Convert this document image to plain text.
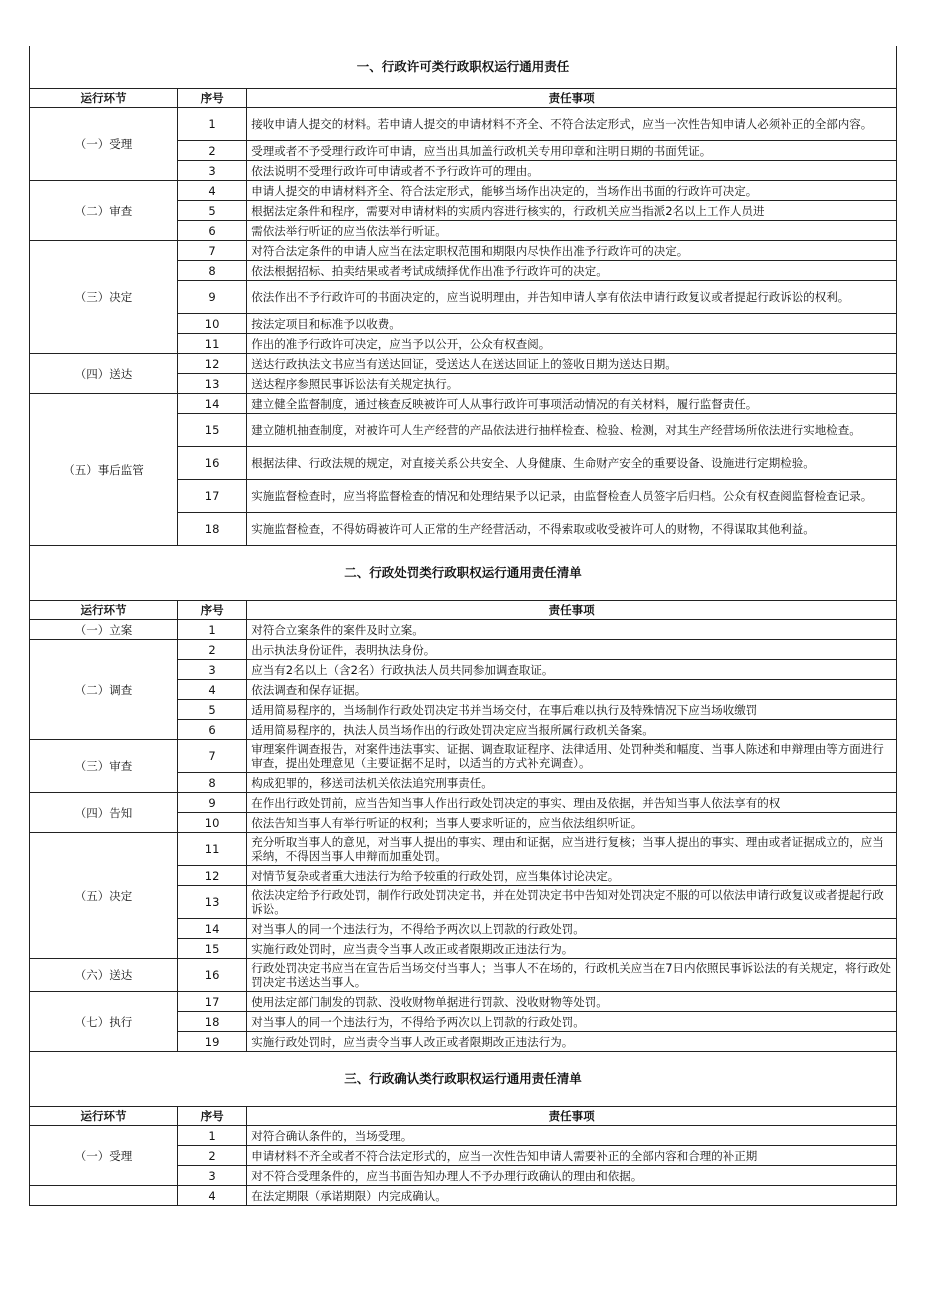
一、行政许可类行政职权运行通用责任		
运行环节	序号	责任事项
（一）受理	1	接收申请人提交的材料。若申请人提交的申请材料不齐全、不符合法定形式，应当一次性告知申请人必须补正的全部内容。
	2	受理或者不予受理行政许可申请，应当出具加盖行政机关专用印章和注明日期的书面凭证。
	3	依法说明不受理行政许可申请或者不予行政许可的理由。
（二）审查	4	申请人提交的申请材料齐全、符合法定形式，能够当场作出决定的，当场作出书面的行政许可决定。
	5	根据法定条件和程序，需要对申请材料的实质内容进行核实的，行政机关应当指派2名以上工作人员进
	6	需依法举行听证的应当依法举行听证。
（三）决定	7	对符合法定条件的申请人应当在法定职权范围和期限内尽快作出准予行政许可的决定。
	8	依法根据招标、拍卖结果或者考试成绩择优作出准予行政许可的决定。
	9	依法作出不予行政许可的书面决定的，应当说明理由，并告知申请人享有依法申请行政复议或者提起行政诉讼的权利。
	10	按法定项目和标准予以收费。
	11	作出的准予行政许可决定，应当予以公开，公众有权查阅。
（四）送达	12	送达行政执法文书应当有送达回证，受送达人在送达回证上的签收日期为送达日期。
	13	送达程序参照民事诉讼法有关规定执行。
（五）事后监管	14	建立健全监督制度，通过核查反映被许可人从事行政许可事项活动情况的有关材料，履行监督责任。
	15	建立随机抽查制度，对被许可人生产经营的产品依法进行抽样检查、检验、检测，对其生产经营场所依法进行实地检查。
	16	根据法律、行政法规的规定，对直接关系公共安全、人身健康、生命财产安全的重要设备、设施进行定期检验。
	17	实施监督检查时，应当将监督检查的情况和处理结果予以记录，由监督检查人员签字后归档。公众有权查阅监督检查记录。
	18	实施监督检查，不得妨碍被许可人正常的生产经营活动，不得索取或收受被许可人的财物，不得谋取其他利益。
二、行政处罚类行政职权运行通用责任清单		
运行环节	序号	责任事项
（一）立案	1	对符合立案条件的案件及时立案。
（二）调查	2	出示执法身份证件，表明执法身份。
	3	应当有2名以上（含2名）行政执法人员共同参加调查取证。
	4	依法调查和保存证据。
	5	适用简易程序的，当场制作行政处罚决定书并当场交付，在事后难以执行及特殊情况下应当场收缴罚
	6	适用简易程序的，执法人员当场作出的行政处罚决定应当报所属行政机关备案。
（三）审查	7	审理案件调查报告，对案件违法事实、证据、调查取证程序、法律适用、处罚种类和幅度、当事人陈述和申辩理由等方面进行审查，提出处理意见（主要证据不足时，以适当的方式补充调查）。
	8	构成犯罪的，移送司法机关依法追究刑事责任。
（四）告知	9	在作出行政处罚前，应当告知当事人作出行政处罚决定的事实、理由及依据，并告知当事人依法享有的权
	10	依法告知当事人有举行听证的权利；当事人要求听证的，应当依法组织听证。
（五）决定	11	充分听取当事人的意见，对当事人提出的事实、理由和证据，应当进行复核；当事人提出的事实、理由或者证据成立的，应当采纳，不得因当事人申辩而加重处罚。
	12	对情节复杂或者重大违法行为给予较重的行政处罚，应当集体讨论决定。
	13	依法决定给予行政处罚，制作行政处罚决定书，并在处罚决定书中告知对处罚决定不服的可以依法申请行政复议或者提起行政诉讼。
	14	对当事人的同一个违法行为，不得给予两次以上罚款的行政处罚。
	15	实施行政处罚时，应当责令当事人改正或者限期改正违法行为。
（六）送达	16	行政处罚决定书应当在宣告后当场交付当事人；当事人不在场的，行政机关应当在7日内依照民事诉讼法的有关规定，将行政处罚决定书送达当事人。
（七）执行	17	使用法定部门制发的罚款、没收财物单据进行罚款、没收财物等处罚。
	18	对当事人的同一个违法行为，不得给予两次以上罚款的行政处罚。
	19	实施行政处罚时，应当责令当事人改正或者限期改正违法行为。
三、行政确认类行政职权运行通用责任清单		
运行环节	序号	责任事项
（一）受理	1	对符合确认条件的，当场受理。
	2	申请材料不齐全或者不符合法定形式的，应当一次性告知申请人需要补正的全部内容和合理的补正期
	3	对不符合受理条件的，应当书面告知办理人不予办理行政确认的理由和依据。
	4	在法定期限（承诺期限）内完成确认。
